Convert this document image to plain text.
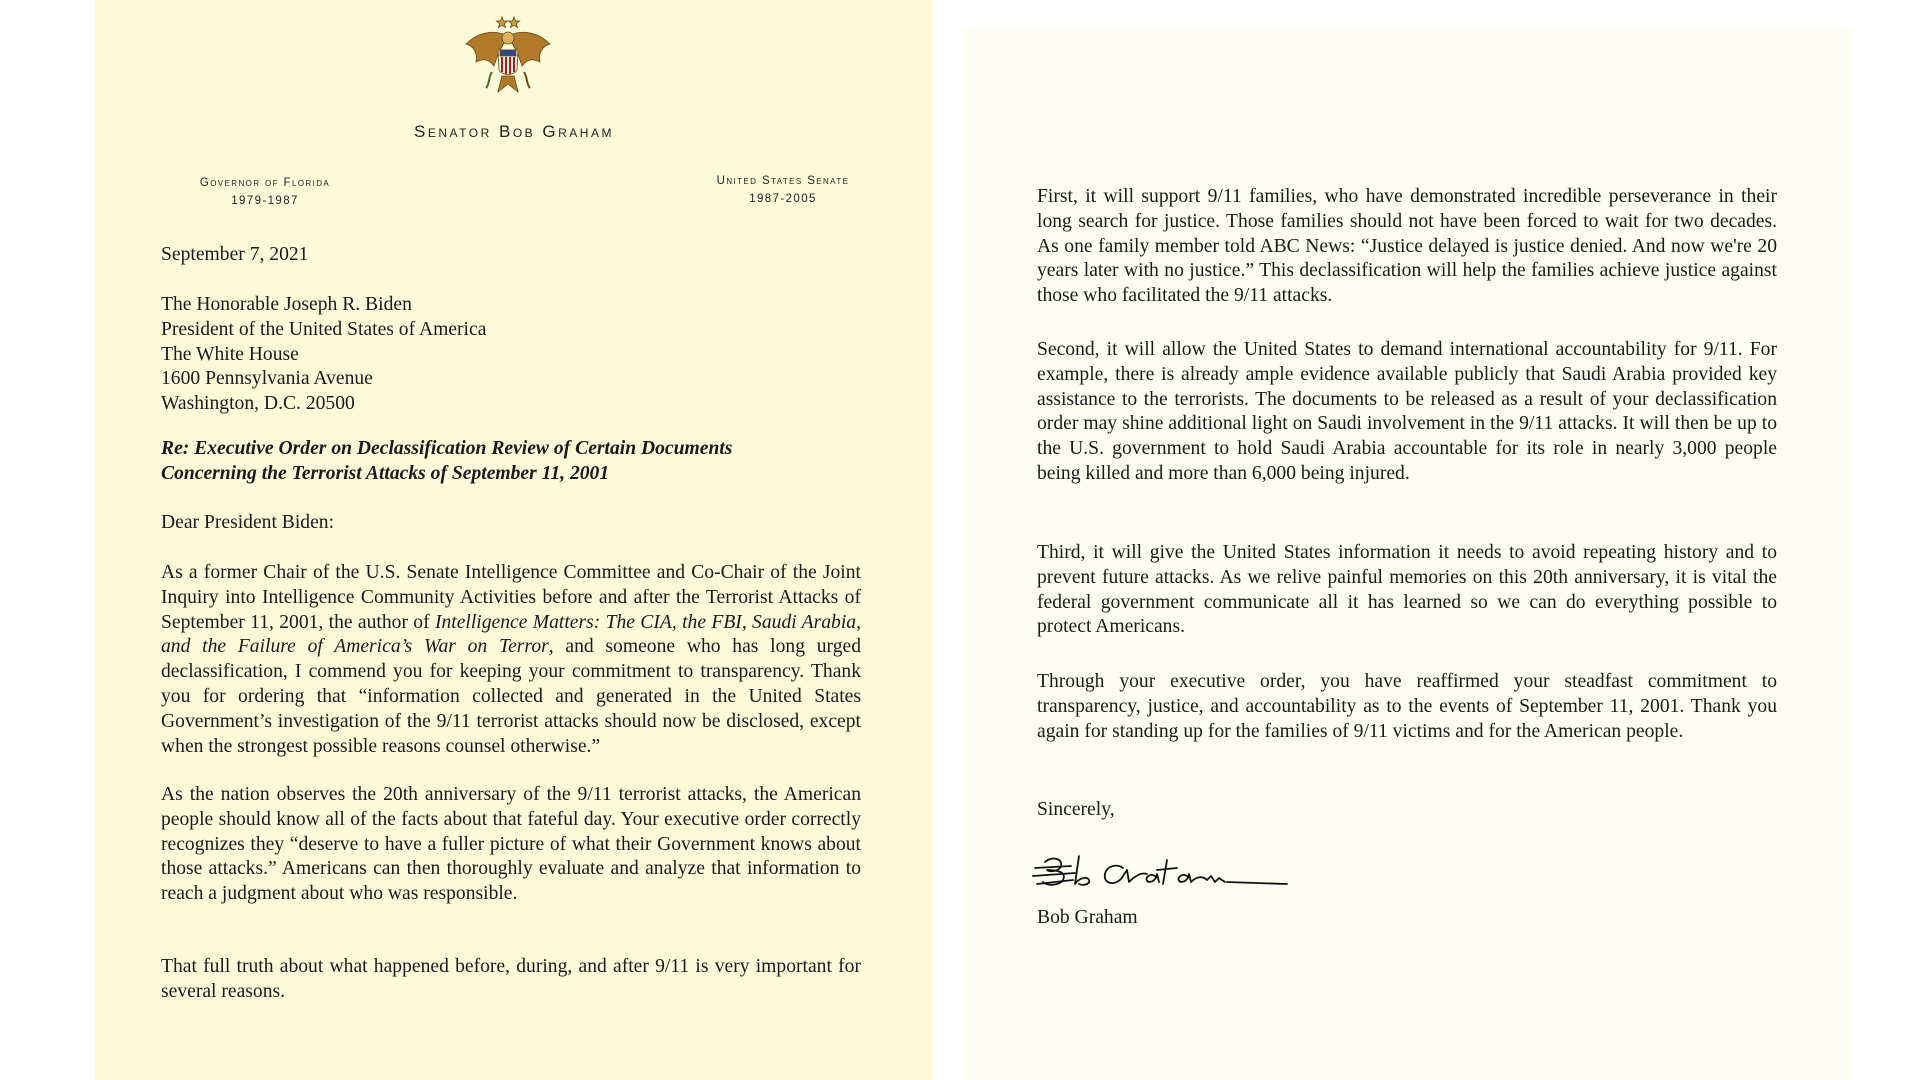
Senator Bob Graham
Governor of Florida
1979-1987
United States Senate
1987-2005
September 7, 2021
The Honorable Joseph R. Biden
President of the United States of America
The White House
1600 Pennsylvania Avenue
Washington, D.C. 20500
Re: Executive Order on Declassification Review of Certain Documents Concerning the Terrorist Attacks of September 11, 2001
Dear President Biden:

As a former Chair of the U.S. Senate Intelligence Committee and Co-Chair of the Joint Inquiry into Intelligence Community Activities before and after the Terrorist Attacks of September 11, 2001, the author of Intelligence Matters: The CIA, the FBI, Saudi Arabia, and the Failure of America’s War on Terror, and someone who has long urged declassification, I commend you for keeping your commitment to transparency. Thank you for ordering that “information collected and generated in the United States Government’s investigation of the 9/11 terrorist attacks should now be disclosed, except when the strongest possible reasons counsel otherwise.”

As the nation observes the 20th anniversary of the 9/11 terrorist attacks, the American people should know all of the facts about that fateful day. Your executive order correctly recognizes they “deserve to have a fuller picture of what their Government knows about those attacks.” Americans can then thoroughly evaluate and analyze that information to reach a judgment about who was responsible.

That full truth about what happened before, during, and after 9/11 is very important for several reasons.

First, it will support 9/11 families, who have demonstrated incredible perseverance in their long search for justice. Those families should not have been forced to wait for two decades. As one family member told ABC News: “Justice delayed is justice denied. And now we're 20 years later with no justice.” This declassification will help the families achieve justice against those who facilitated the 9/11 attacks.

Second, it will allow the United States to demand international accountability for 9/11. For example, there is already ample evidence available publicly that Saudi Arabia provided key assistance to the terrorists. The documents to be released as a result of your declassification order may shine additional light on Saudi involvement in the 9/11 attacks. It will then be up to the U.S. government to hold Saudi Arabia accountable for its role in nearly 3,000 people being killed and more than 6,000 being injured.

Third, it will give the United States information it needs to avoid repeating history and to prevent future attacks. As we relive painful memories on this 20th anniversary, it is vital the federal government communicate all it has learned so we can do everything possible to protect Americans.

Through your executive order, you have reaffirmed your steadfast commitment to transparency, justice, and accountability as to the events of September 11, 2001. Thank you again for standing up for the families of 9/11 victims and for the American people.

Sincerely,
Bob Graham
